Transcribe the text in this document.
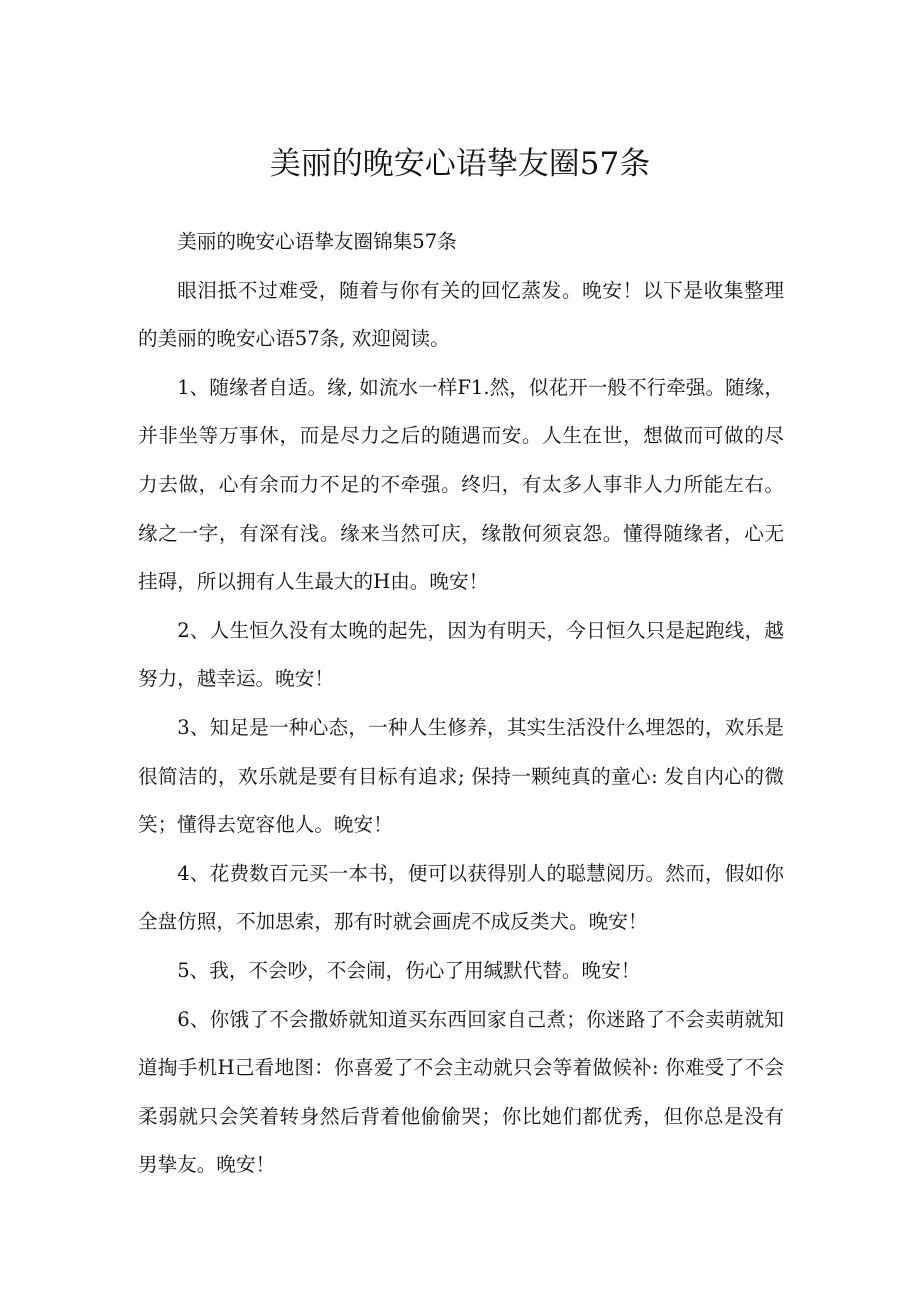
美丽的晚安心语挚友圈57条

美丽的晚安心语挚友圈锦集57条

眼泪抵不过难受，随着与你有关的回忆蒸发。晚安！以下是收集整理的美丽的晚安心语57条, 欢迎阅读。

1、随缘者自适。缘, 如流水一样F1.然，似花开一般不行牵强。随缘，并非坐等万事休，而是尽力之后的随遇而安。人生在世，想做而可做的尽力去做，心有余而力不足的不牵强。终归，有太多人事非人力所能左右。缘之一字，有深有浅。缘来当然可庆，缘散何须哀怨。懂得随缘者，心无挂碍，所以拥有人生最大的H由。晚安！

2、人生恒久没有太晚的起先，因为有明天，今日恒久只是起跑线，越努力，越幸运。晚安！

3、知足是一种心态，一种人生修养，其实生活没什么埋怨的，欢乐是很简洁的，欢乐就是要有目标有追求; 保持一颗纯真的童心: 发自内心的微笑；懂得去宽容他人。晚安！

4、花费数百元买一本书，便可以获得别人的聪慧阅历。然而，假如你全盘仿照，不加思索，那有时就会画虎不成反类犬。晚安！

5、我，不会吵，不会闹，伤心了用缄默代替。晚安！

6、你饿了不会撒娇就知道买东西回家自己煮；你迷路了不会卖萌就知道掏手机H己看地图：你喜爱了不会主动就只会等着做候补: 你难受了不会柔弱就只会笑着转身然后背着他偷偷哭；你比她们都优秀，但你总是没有男挚友。晚安！
